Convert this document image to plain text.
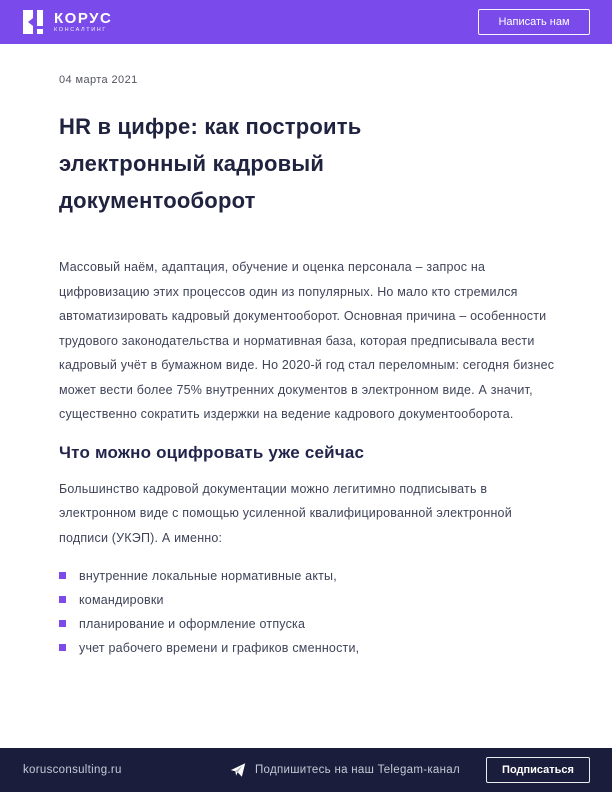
КОРУС
КОНСАЛТИНГ
Написать нам
04 марта 2021
HR в цифре: как построить электронный кадровый документооборот

Массовый наём, адаптация, обучение и оценка персонала – запрос на цифровизацию этих процессов один из популярных. Но мало кто стремился автоматизировать кадровый документооборот. Основная причина – особенности трудового законодательства и нормативная база, которая предписывала вести кадровый учёт в бумажном виде. Но 2020-й год стал переломным: сегодня бизнес может вести более 75% внутренних документов в электронном виде. А значит, существенно сократить издержки на ведение кадрового документооборота.

Что можно оцифровать уже сейчас

Большинство кадровой документации можно легитимно подписывать в электронном виде с помощью усиленной квалифицированной электронной подписи (УКЭП). А именно:

внутренние локальные нормативные акты,
командировки
планирование и оформление отпуска
учет рабочего времени и графиков сменности,
korusconsulting.ru	Подпишитесь на наш Telegam-канал	Подписаться
